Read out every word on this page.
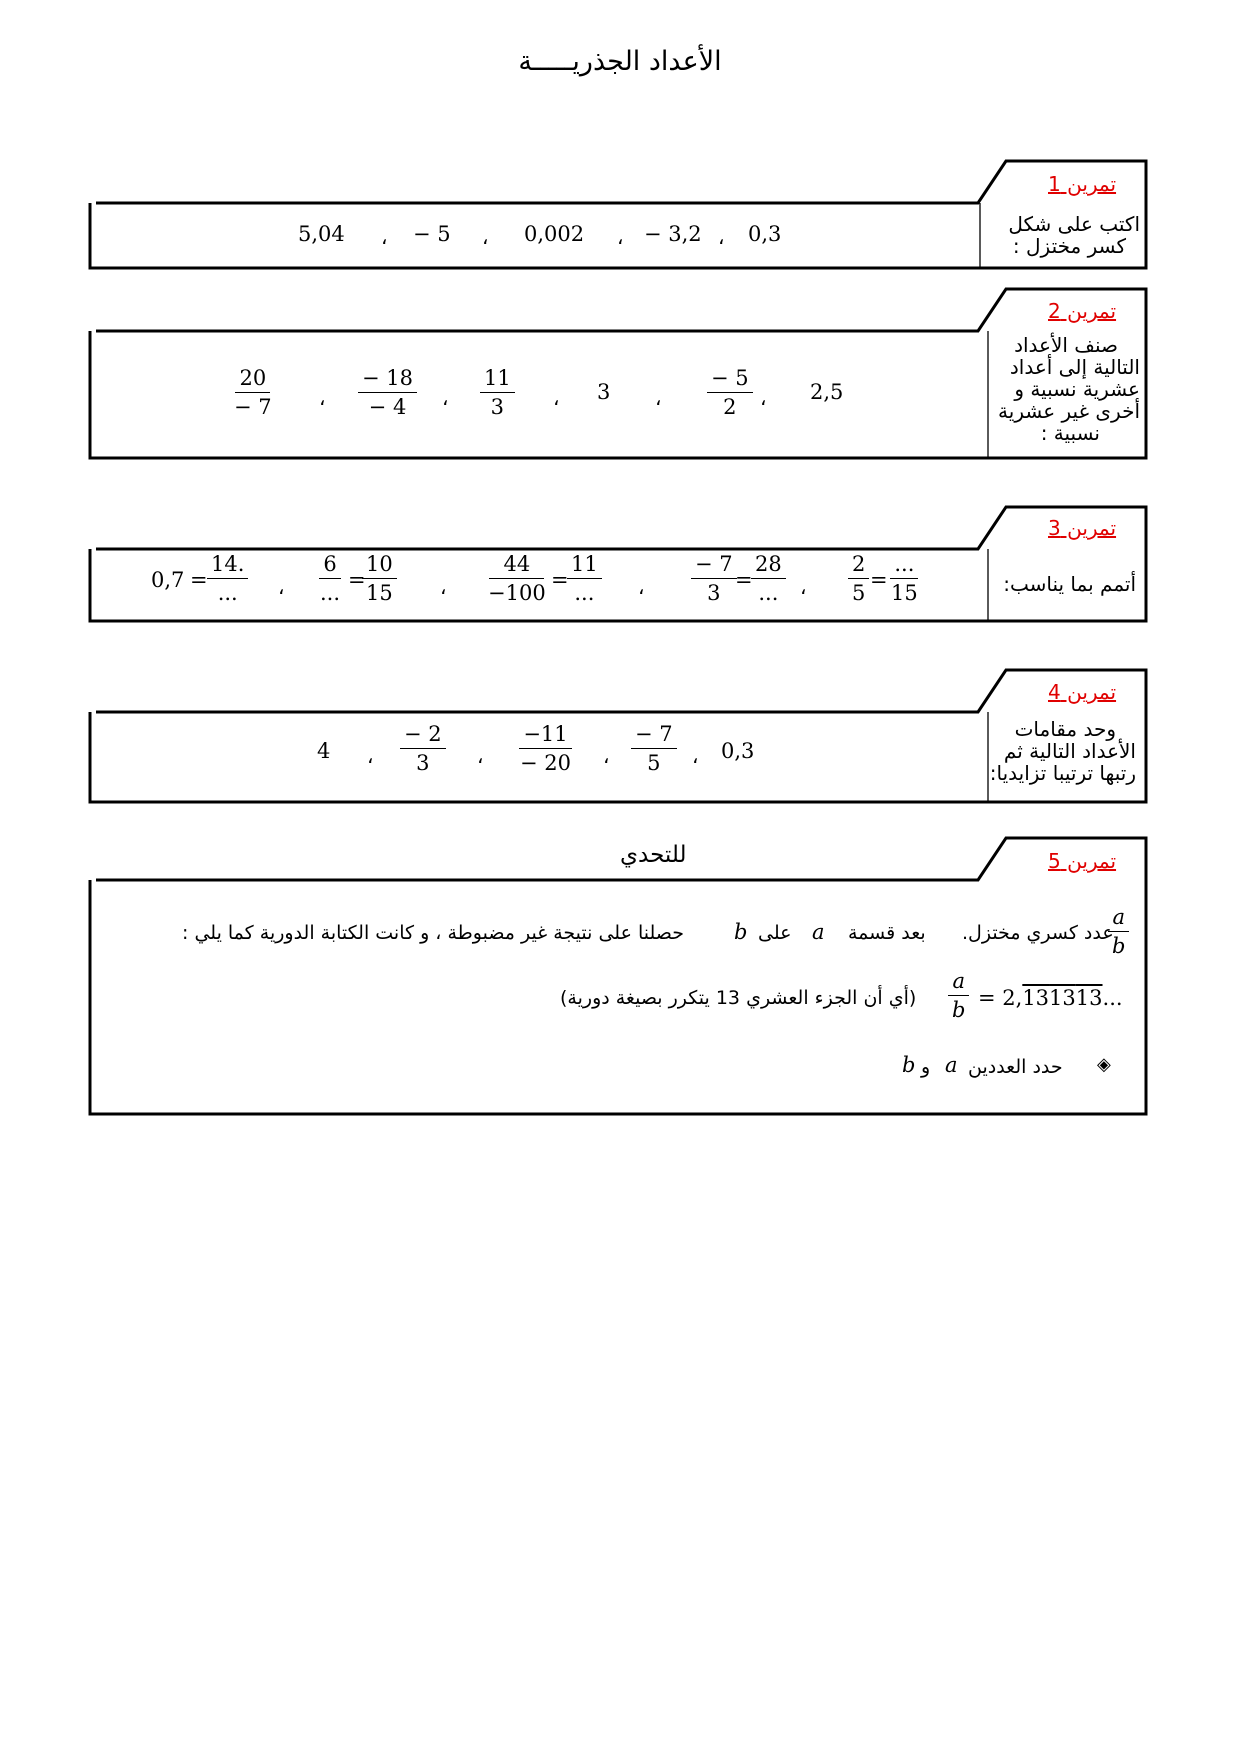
الأعداد الجذريـــــة
تمرين 1
اكتب على شكل
كسر مختزل :
5,04 ، − 5 ، 0,002 ، − 3,2 ، 0,3
تمرين 2
صنف الأعداد
التالية إلى أعداد
عشرية نسبية و
أخرى غير عشرية
نسبية :
$\frac{20}{- 7}$ ، $\frac{- 18}{- 4}$ ، $\frac{11}{3}$ ، 3 ، $\frac{- 5}{2}$ ، 2,5
تمرين 3
أتمم بما يناسب:
0,7 =
14.
... ،
6
...
=
$\frac{10}{15}$ ، $\frac{44}{-100}$ =
11
... ، $\frac{- 7}{3}$
=
28
... ، $\frac{2}{5}$ =
...
15
تمرين 4
وحد مقامات
الأعداد التالية ثم
رتبها ترتيبا تزايديا:
4 ، $\frac{- 2}{3}$ ، $\frac{-11}{- 20}$ ، $\frac{- 7}{5}$ ، 0,3
تمرين 5
للتحدي
$\frac{a}{b}$
عدد كسري مختزل.
بعد قسمة
a
على
b
حصلنا على نتيجة غير مضبوطة ، و كانت الكتابة الدورية كما يلي :
$\frac{a}{b} = 2,131313$...
(أي أن الجزء العشري 13 يتكرر بصيغة دورية)
◈
حدد العددين
a
و
b
